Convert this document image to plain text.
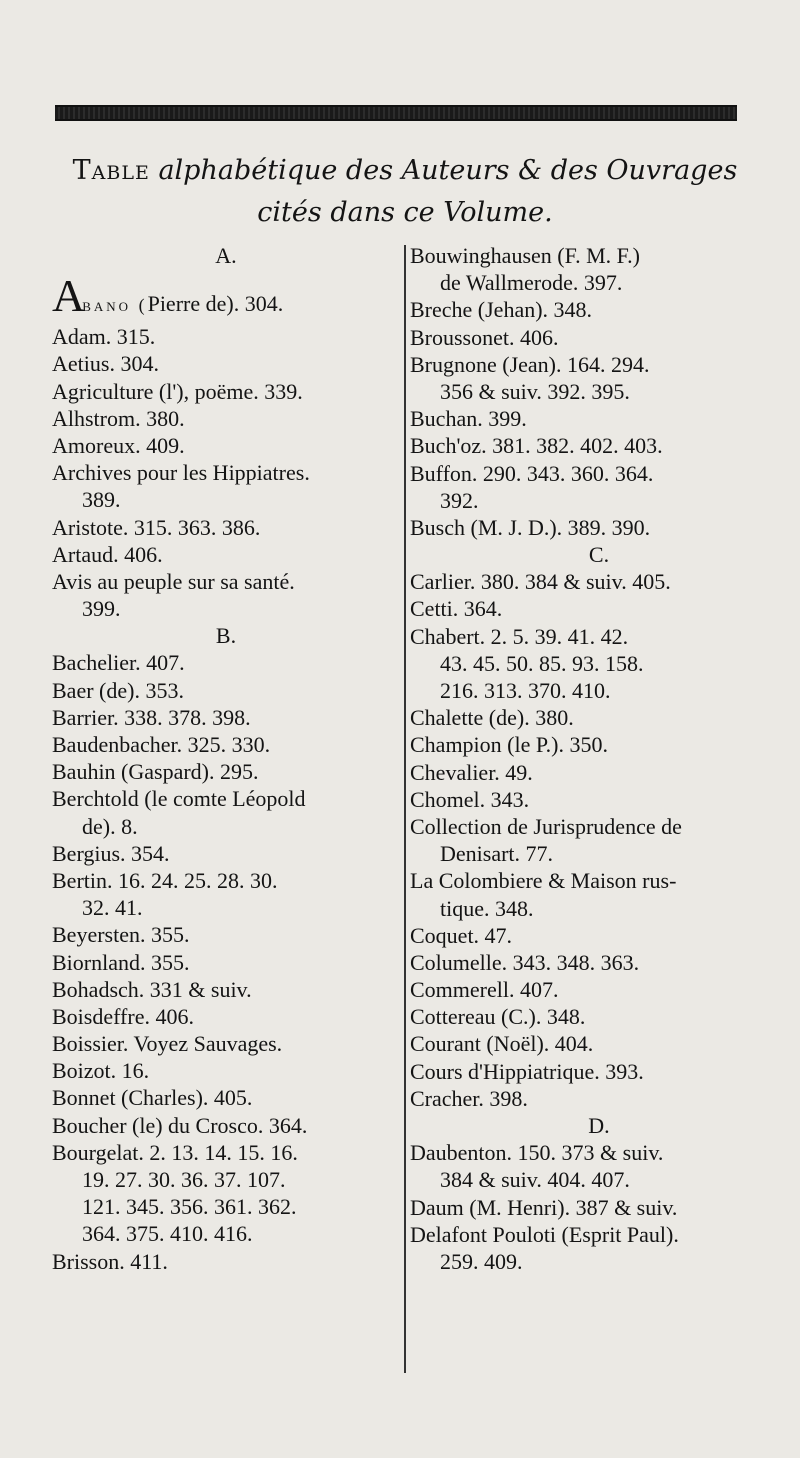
Table alphabétique des Auteurs & des Ouvrages
cités dans ce Volume.
A.
Abano (Pierre de). 304.
Adam. 315.
Aetius. 304.
Agriculture (l'), poëme. 339.
Alhstrom. 380.
Amoreux. 409.
Archives pour les Hippiatres.
389.
Aristote. 315. 363. 386.
Artaud. 406.
Avis au peuple sur sa santé.
399.
B.
Bachelier. 407.
Baer (de). 353.
Barrier. 338. 378. 398.
Baudenbacher. 325. 330.
Bauhin (Gaspard). 295.
Berchtold (le comte Léopold
de). 8.
Bergius. 354.
Bertin. 16. 24. 25. 28. 30.
32. 41.
Beyersten. 355.
Biornland. 355.
Bohadsch. 331 & suiv.
Boisdeffre. 406.
Boissier. Voyez Sauvages.
Boizot. 16.
Bonnet (Charles). 405.
Boucher (le) du Crosco. 364.
Bourgelat. 2. 13. 14. 15. 16.
19. 27. 30. 36. 37. 107.
121. 345. 356. 361. 362.
364. 375. 410. 416.
Brisson. 411.
Bouwinghausen (F. M. F.)
de Wallmerode. 397.
Breche (Jehan). 348.
Broussonet. 406.
Brugnone (Jean). 164. 294.
356 & suiv. 392. 395.
Buchan. 399.
Buch'oz. 381. 382. 402. 403.
Buffon. 290. 343. 360. 364.
392.
Busch (M. J. D.). 389. 390.
C.
Carlier. 380. 384 & suiv. 405.
Cetti. 364.
Chabert. 2. 5. 39. 41. 42.
43. 45. 50. 85. 93. 158.
216. 313. 370. 410.
Chalette (de). 380.
Champion (le P.). 350.
Chevalier. 49.
Chomel. 343.
Collection de Jurisprudence de
Denisart. 77.
La Colombiere & Maison rus-
tique. 348.
Coquet. 47.
Columelle. 343. 348. 363.
Commerell. 407.
Cottereau (C.). 348.
Courant (Noël). 404.
Cours d'Hippiatrique. 393.
Cracher. 398.
D.
Daubenton. 150. 373 & suiv.
384 & suiv. 404. 407.
Daum (M. Henri). 387 & suiv.
Delafont Pouloti (Esprit Paul).
259. 409.
